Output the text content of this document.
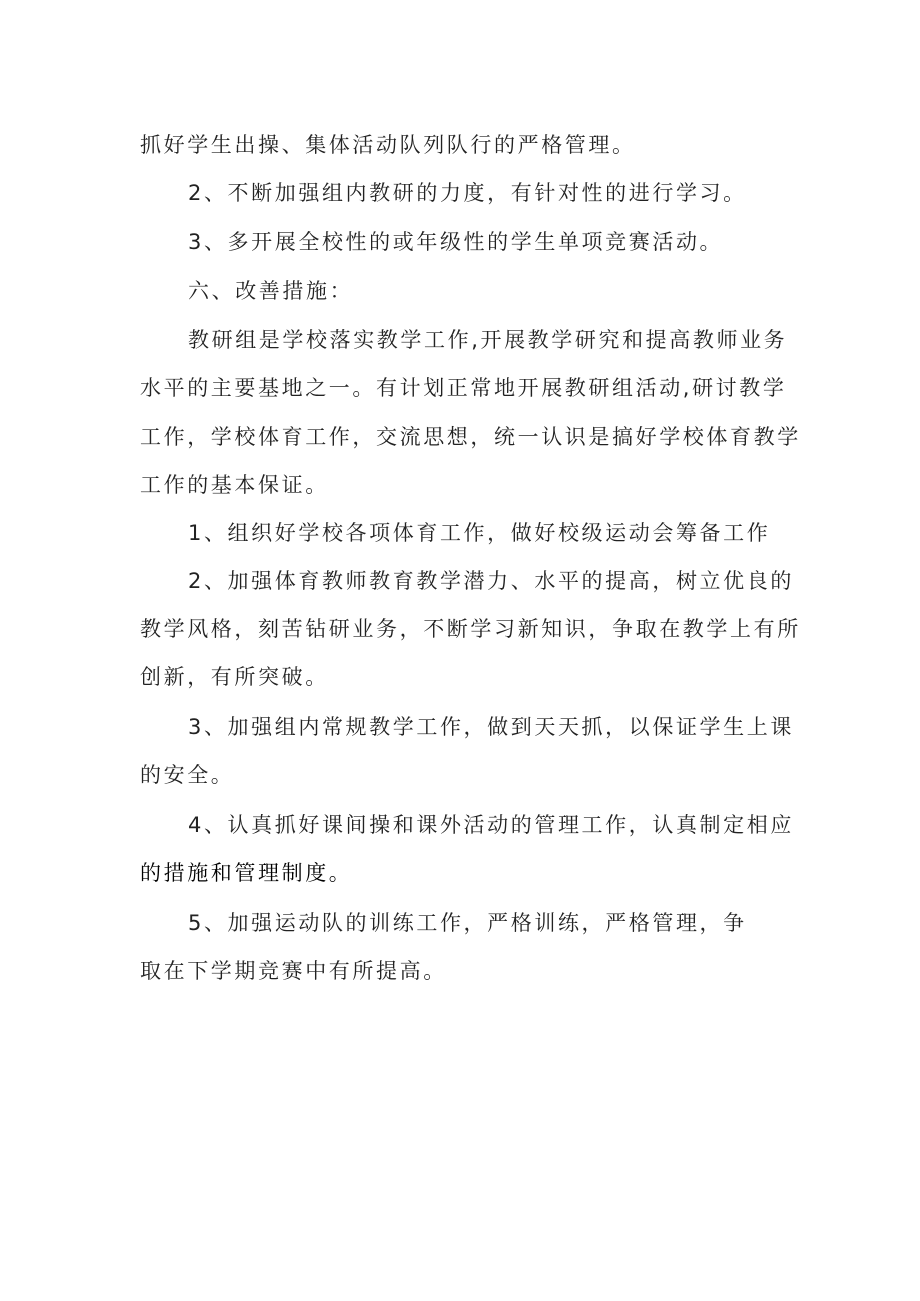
抓好学生出操、集体活动队列队行的严格管理。
2、不断加强组内教研的力度，有针对性的进行学习。
3、多开展全校性的或年级性的学生单项竞赛活动。
六、改善措施：
教研组是学校落实教学工作,开展教学研究和提高教师业务
水平的主要基地之一。有计划正常地开展教研组活动,研讨教学
工作，学校体育工作，交流思想，统一认识是搞好学校体育教学
工作的基本保证。
1、组织好学校各项体育工作，做好校级运动会筹备工作
2、加强体育教师教育教学潜力、水平的提高，树立优良的
教学风格，刻苦钻研业务，不断学习新知识，争取在教学上有所
创新，有所突破。
3、加强组内常规教学工作，做到天天抓，以保证学生上课
的安全。
4、认真抓好课间操和课外活动的管理工作，认真制定相应
的措施和管理制度。
5、加强运动队的训练工作，严格训练，严格管理，争
取在下学期竞赛中有所提高。
